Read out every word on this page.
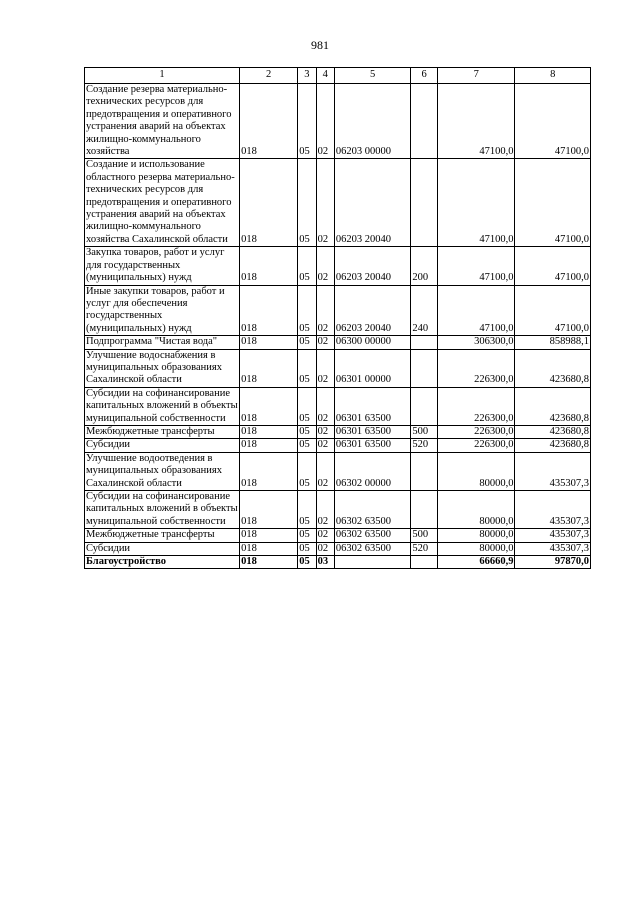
981
1	2	3	4	5	6	7	8
Создание резерва материально-технических ресурсов для предотвращения и оперативного устранения аварий на объектах жилищно-коммунального хозяйства	018	05	02	06203 00000		47100,0	47100,0
Создание и использование областного резерва материально-технических ресурсов для предотвращения и оперативного устранения аварий на объектах жилищно-коммунального хозяйства Сахалинской области	018	05	02	06203 20040		47100,0	47100,0
Закупка товаров, работ и услуг для государственных (муниципальных) нужд	018	05	02	06203 20040	200	47100,0	47100,0
Иные закупки товаров, работ и услуг для обеспечения государственных (муниципальных) нужд	018	05	02	06203 20040	240	47100,0	47100,0
Подпрограмма "Чистая вода"	018	05	02	06300 00000		306300,0	858988,1
Улучшение водоснабжения в муниципальных образованиях Сахалинской области	018	05	02	06301 00000		226300,0	423680,8
Субсидии на софинансирование капитальных вложений в объекты муниципальной собственности	018	05	02	06301 63500		226300,0	423680,8
Межбюджетные трансферты	018	05	02	06301 63500	500	226300,0	423680,8
Субсидии	018	05	02	06301 63500	520	226300,0	423680,8
Улучшение водоотведения в муниципальных образованиях Сахалинской области	018	05	02	06302 00000		80000,0	435307,3
Субсидии на софинансирование капитальных вложений в объекты муниципальной собственности	018	05	02	06302 63500		80000,0	435307,3
Межбюджетные трансферты	018	05	02	06302 63500	500	80000,0	435307,3
Субсидии	018	05	02	06302 63500	520	80000,0	435307,3
Благоустройство	018	05	03			66660,9	97870,0
